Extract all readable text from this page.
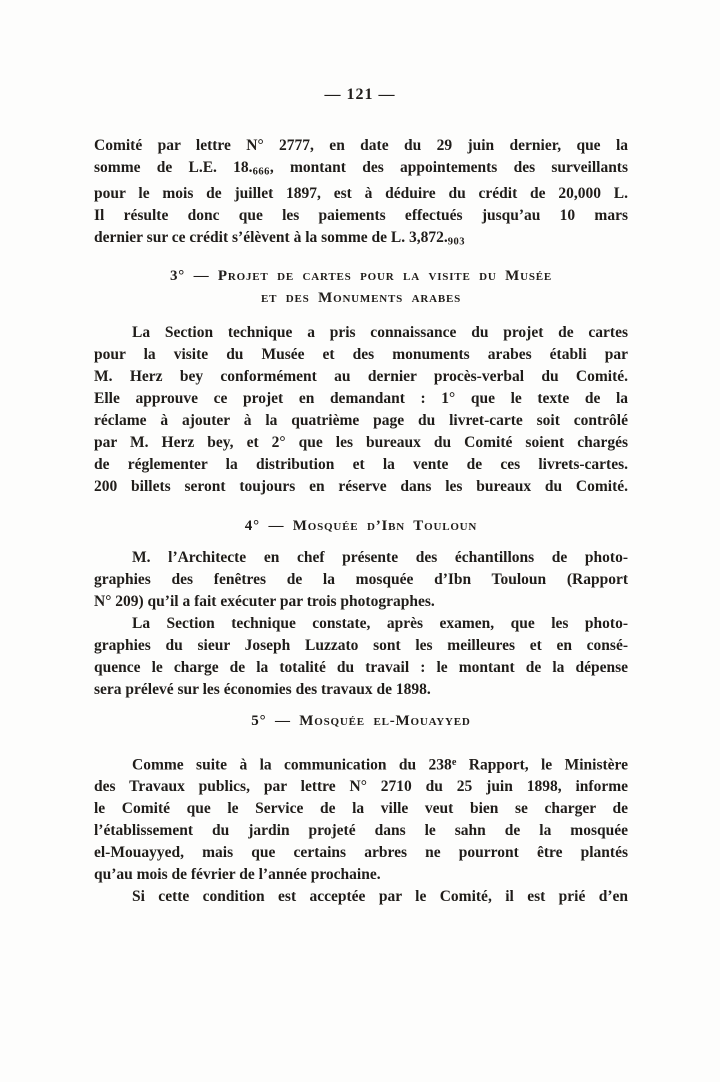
— 121 —

Comité par lettre N° 2777, en date du 29 juin dernier, que la
somme de L.E. 18.666, montant des appointements des surveillants
pour le mois de juillet 1897, est à déduire du crédit de 20,000 L.
Il résulte donc que les paiements effectués jusqu’au 10 mars
dernier sur ce crédit s’élèvent à la somme de L. 3,872.903

3° — Projet de cartes pour la visite du Musée
et des Monuments arabes

La Section technique a pris connaissance du projet de cartes
pour la visite du Musée et des monuments arabes établi par
M. Herz bey conformément au dernier procès-verbal du Comité.
Elle approuve ce projet en demandant : 1° que le texte de la
réclame à ajouter à la quatrième page du livret-carte soit contrôlé
par M. Herz bey, et 2° que les bureaux du Comité soient chargés
de réglementer la distribution et la vente de ces livrets-cartes.
200 billets seront toujours en réserve dans les bureaux du Comité.

4° — Mosquée d’Ibn Touloun

M. l’Architecte en chef présente des échantillons de photo-
graphies des fenêtres de la mosquée d’Ibn Touloun (Rapport
N° 209) qu’il a fait exécuter par trois photographes.

La Section technique constate, après examen, que les photo-
graphies du sieur Joseph Luzzato sont les meilleures et en consé-
quence le charge de la totalité du travail : le montant de la dépense
sera prélevé sur les économies des travaux de 1898.

5° — Mosquée el-Mouayyed

Comme suite à la communication du 238e Rapport, le Ministère
des Travaux publics, par lettre N° 2710 du 25 juin 1898, informe
le Comité que le Service de la ville veut bien se charger de
l’établissement du jardin projeté dans le sahn de la mosquée
el-Mouayyed, mais que certains arbres ne pourront être plantés
qu’au mois de février de l’année prochaine.

Si cette condition est acceptée par le Comité, il est prié d’en
